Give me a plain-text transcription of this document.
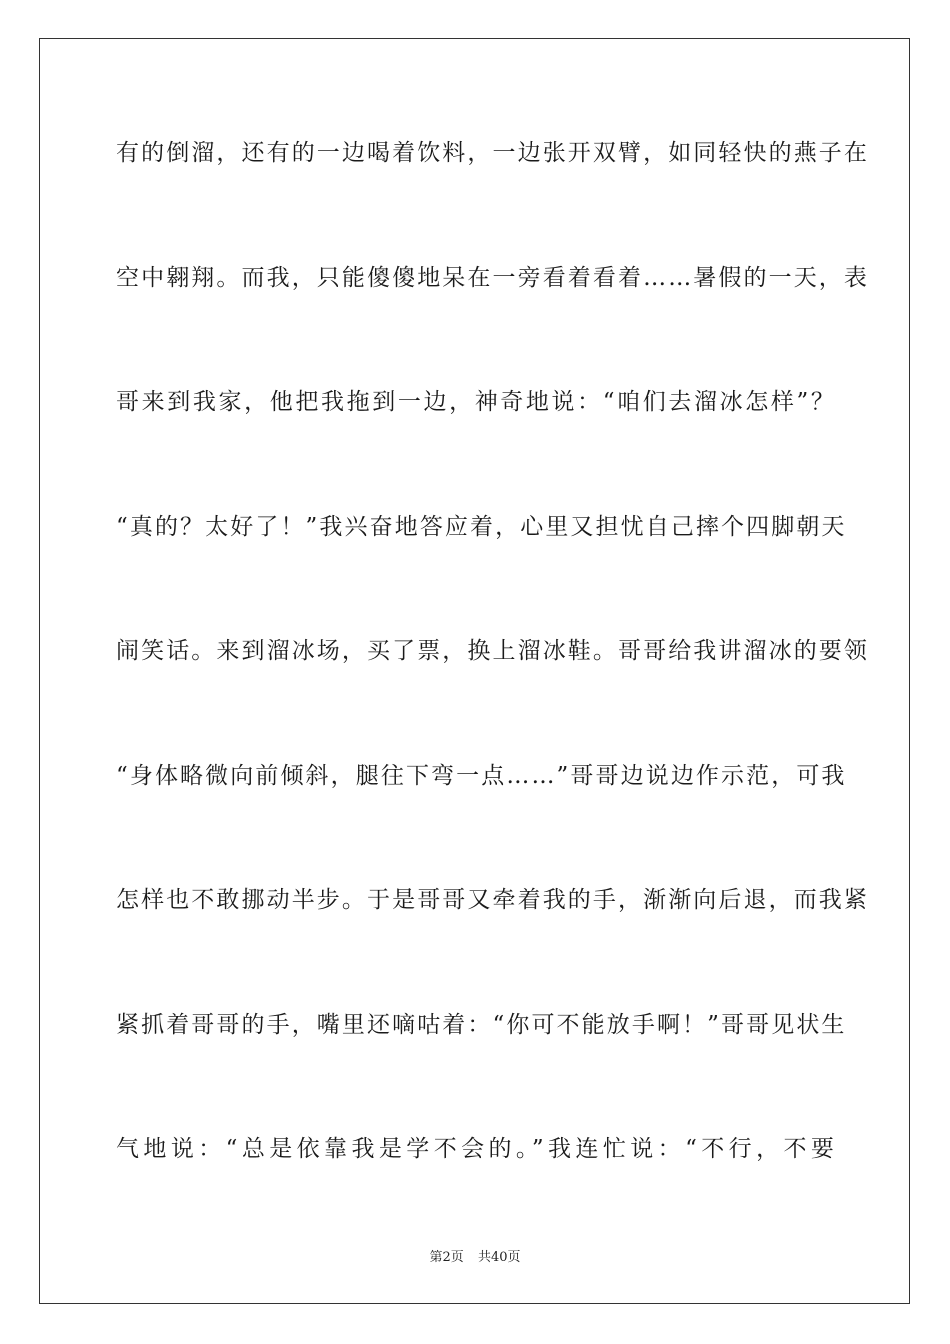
有的倒溜，还有的一边喝着饮料，一边张开双臂，如同轻快的燕子在
空中翱翔。而我，只能傻傻地呆在一旁看着看着……暑假的一天，表
哥来到我家，他把我拖到一边，神奇地说：“咱们去溜冰怎样”？
“真的？太好了！”我兴奋地答应着，心里又担忧自己摔个四脚朝天
闹笑话。来到溜冰场，买了票，换上溜冰鞋。哥哥给我讲溜冰的要领
“身体略微向前倾斜，腿往下弯一点……”哥哥边说边作示范，可我
怎样也不敢挪动半步。于是哥哥又牵着我的手，渐渐向后退，而我紧
紧抓着哥哥的手，嘴里还嘀咕着：“你可不能放手啊！”哥哥见状生
气地说：“总是依靠我是学不会的。”我连忙说：“不行，不要
第2页 共40页
